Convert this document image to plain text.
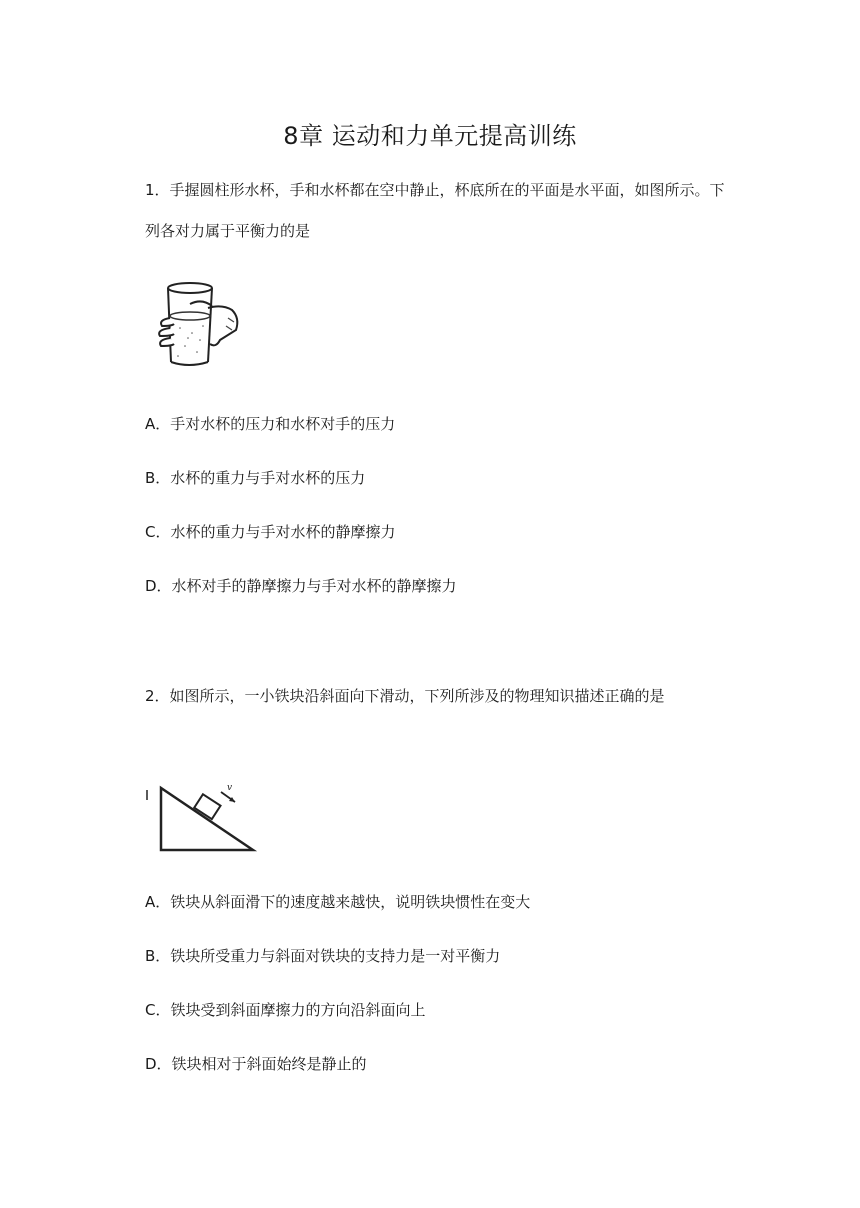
8章 运动和力单元提高训练
1．手握圆柱形水杯，手和水杯都在空中静止，杯底所在的平面是水平面，如图所示。下列各对力属于平衡力的是
A．手对水杯的压力和水杯对手的压力
B．水杯的重力与手对水杯的压力
C．水杯的重力与手对水杯的静摩擦力
D．水杯对手的静摩擦力与手对水杯的静摩擦力
2．如图所示，一小铁块沿斜面向下滑动，下列所涉及的物理知识描述正确的是
v
A．铁块从斜面滑下的速度越来越快，说明铁块惯性在变大
B．铁块所受重力与斜面对铁块的支持力是一对平衡力
C．铁块受到斜面摩擦力的方向沿斜面向上
D．铁块相对于斜面始终是静止的
